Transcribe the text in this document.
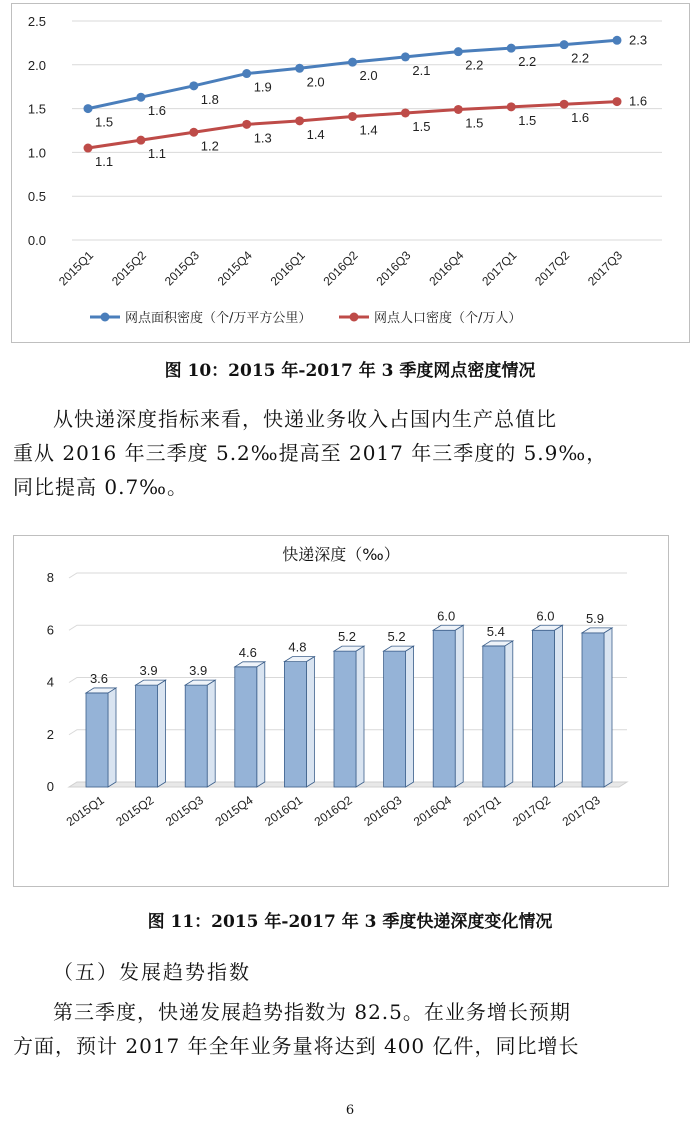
0.0
0.5
1.0
1.5
2.0
2.5
2015Q1 2015Q2 2015Q3 2015Q4 2016Q1 2016Q2 2016Q3 2016Q4 2017Q1 2017Q2 2017Q3
1.5
1.6
1.8
1.9	2.0	2.0	2.1	2.2	2.2	2.2
2.3
1.1
1.1
1.2
1.3	1.4	1.4	1.5	1.5	1.5	1.6
1.6
网点面积密度（个/万平方公里）	网点人口密度（个/万人）
图 10：2015 年-2017 年 3 季度网点密度情况

从快递深度指标来看，快递业务收入占国内生产总值比
重从 2016 年三季度 5.2‰提高至 2017 年三季度的 5.9‰，
同比提高 0.7‰。

快递深度（‰）
0
2
4
6
8
3.6
3.9 3.9
4.6 4.8
5.2 5.2
6.0
5.4
6.0 5.9
2015Q1 2015Q2 2015Q3 2015Q4 2016Q1 2016Q2 2016Q3 2016Q4 2017Q1 2017Q2 2017Q3
图 11：2015 年-2017 年 3 季度快递深度变化情况
（五）发展趋势指数

第三季度，快递发展趋势指数为 82.5。在业务增长预期
方面，预计 2017 年全年业务量将达到 400 亿件，同比增长

6
